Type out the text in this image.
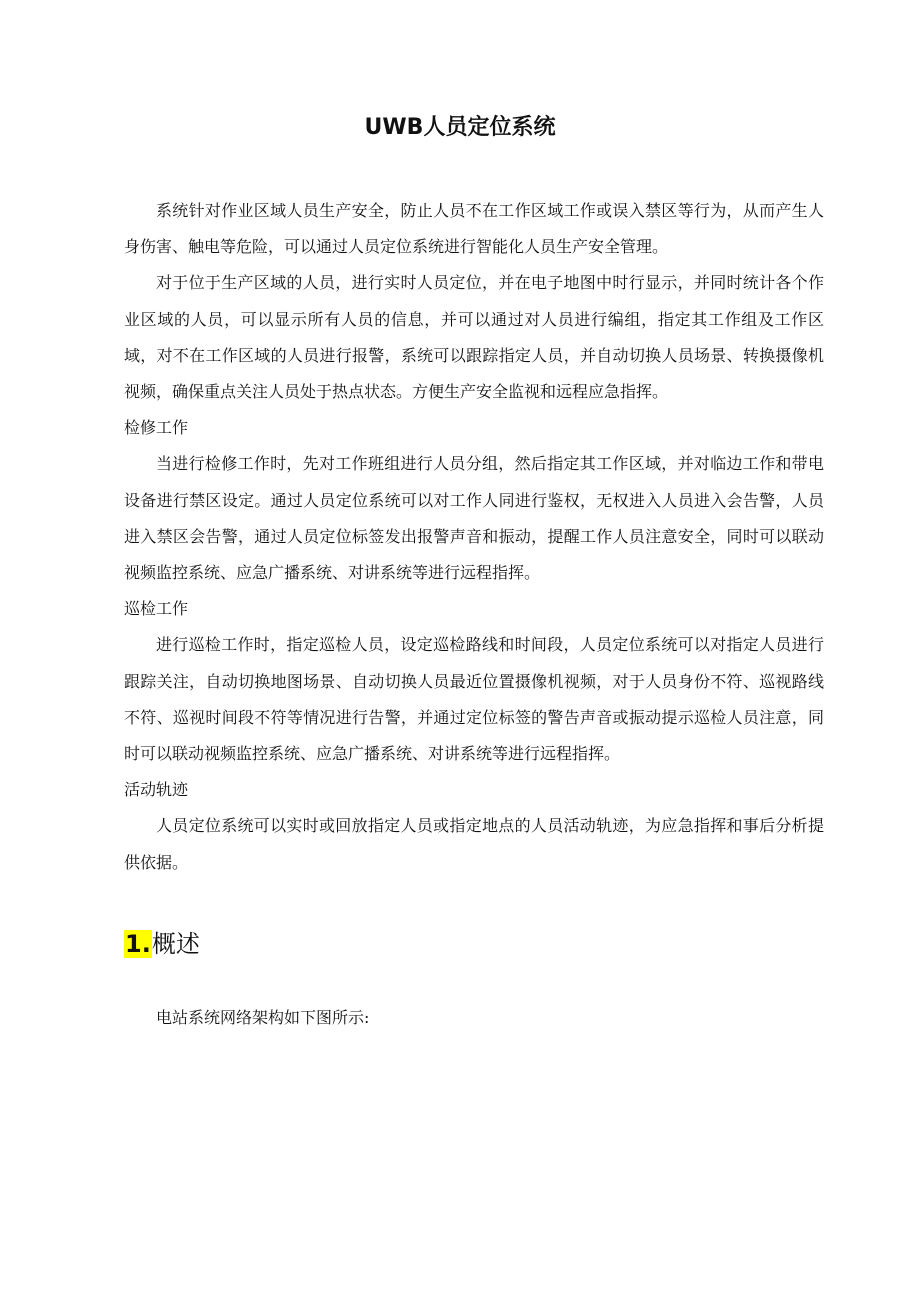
UWB人员定位系统

系统针对作业区域人员生产安全，防止人员不在工作区域工作或误入禁区等行为，从而产生人身伤害、触电等危险，可以通过人员定位系统进行智能化人员生产安全管理。

对于位于生产区域的人员，进行实时人员定位，并在电子地图中时行显示，并同时统计各个作业区域的人员，可以显示所有人员的信息，并可以通过对人员进行编组，指定其工作组及工作区域，对不在工作区域的人员进行报警，系统可以跟踪指定人员，并自动切换人员场景、转换摄像机视频，确保重点关注人员处于热点状态。方便生产安全监视和远程应急指挥。

检修工作

当进行检修工作时，先对工作班组进行人员分组，然后指定其工作区域，并对临边工作和带电设备进行禁区设定。通过人员定位系统可以对工作人同进行鉴权，无权进入人员进入会告警，人员进入禁区会告警，通过人员定位标签发出报警声音和振动，提醒工作人员注意安全，同时可以联动视频监控系统、应急广播系统、对讲系统等进行远程指挥。

巡检工作

进行巡检工作时，指定巡检人员，设定巡检路线和时间段，人员定位系统可以对指定人员进行跟踪关注，自动切换地图场景、自动切换人员最近位置摄像机视频，对于人员身份不符、巡视路线不符、巡视时间段不符等情况进行告警，并通过定位标签的警告声音或振动提示巡检人员注意，同时可以联动视频监控系统、应急广播系统、对讲系统等进行远程指挥。

活动轨迹

人员定位系统可以实时或回放指定人员或指定地点的人员活动轨迹，为应急指挥和事后分析提供依据。

1.概述

电站系统网络架构如下图所示:
